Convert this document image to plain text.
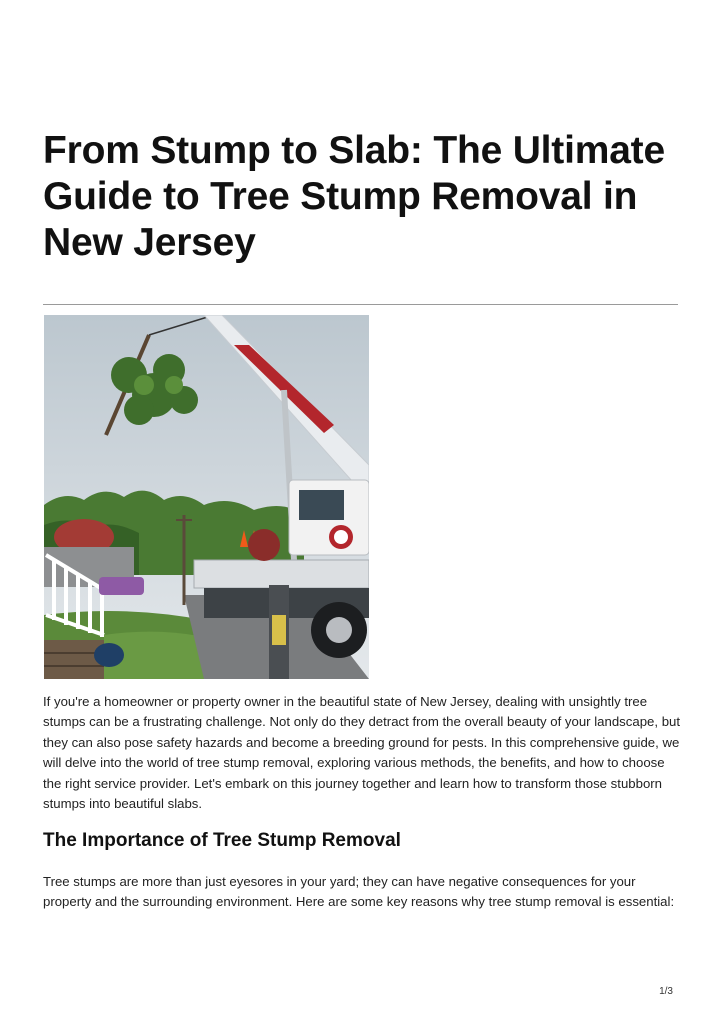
From Stump to Slab: The Ultimate Guide to Tree Stump Removal in New Jersey

If you're a homeowner or property owner in the beautiful state of New Jersey, dealing with unsightly tree stumps can be a frustrating challenge. Not only do they detract from the overall beauty of your landscape, but they can also pose safety hazards and become a breeding ground for pests. In this comprehensive guide, we will delve into the world of tree stump removal, exploring various methods, the benefits, and how to choose the right service provider. Let's embark on this journey together and learn how to transform those stubborn stumps into beautiful slabs.

The Importance of Tree Stump Removal

Tree stumps are more than just eyesores in your yard; they can have negative consequences for your property and the surrounding environment. Here are some key reasons why tree stump removal is essential:

1/3
